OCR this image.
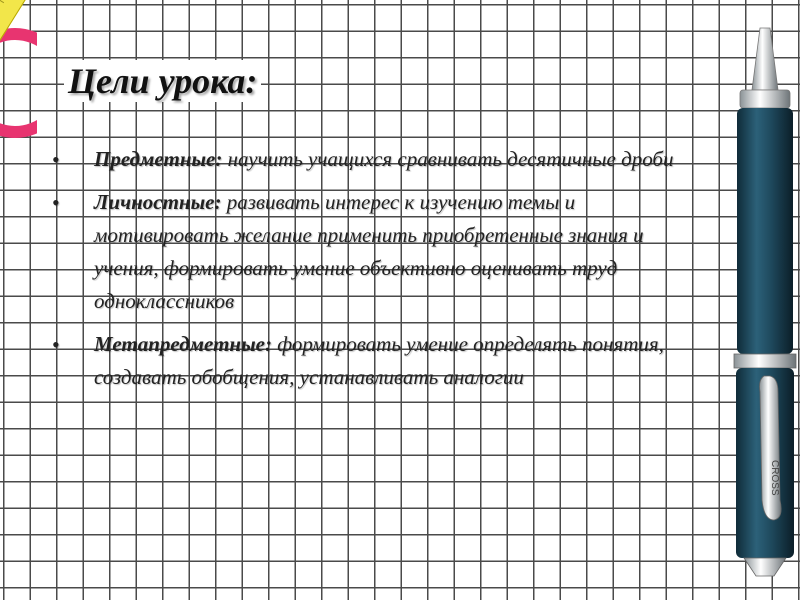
Цели урока:
• Предметные: научить учащихся сравнивать десятичные дроби
• Личностные: развивать интерес к изучению темы и мотивировать желание применить приобретенные знания и учения, формировать умение объективно оценивать труд одноклассников
• Метапредметные: формировать умение определять понятия, создавать обобщения, устанавливать аналогии
CROSS
